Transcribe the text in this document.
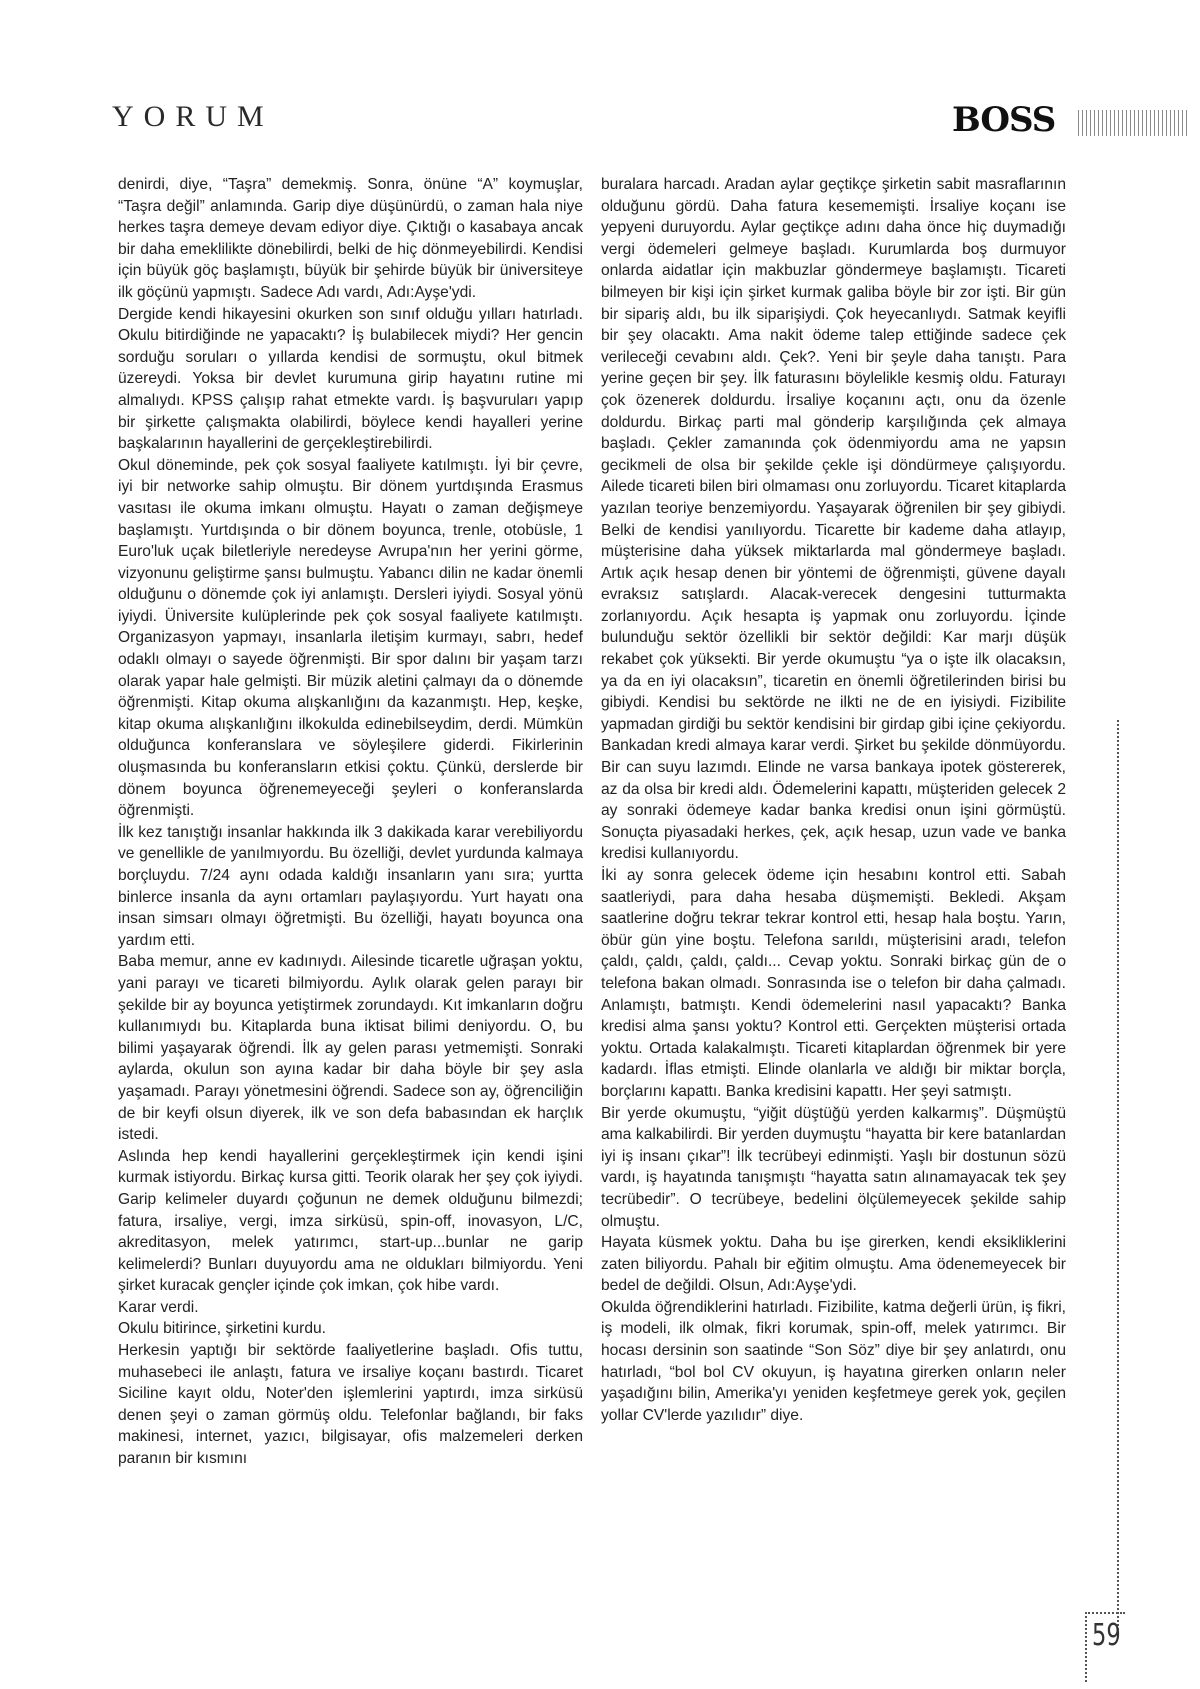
YORUM	BOSS

denirdi, diye, “Taşra” demekmiş. Sonra, önüne “A” koymuşlar, “Taşra değil” anlamında. Garip diye düşünürdü, o zaman hala niye herkes taşra demeye devam ediyor diye. Çıktığı o kasabaya ancak bir daha emeklilikte dönebilirdi, belki de hiç dönmeyebilirdi. Kendisi için büyük göç başlamıştı, büyük bir şehirde büyük bir üniversiteye ilk göçünü yapmıştı. Sadece Adı vardı, Adı:Ayşe'ydi.

Dergide kendi hikayesini okurken son sınıf olduğu yılları hatırladı. Okulu bitirdiğinde ne yapacaktı? İş bulabilecek miydi? Her gencin sorduğu soruları o yıllarda kendisi de sormuştu, okul bitmek üzereydi. Yoksa bir devlet kurumuna girip hayatını rutine mi almalıydı. KPSS çalışıp rahat etmekte vardı. İş başvuruları yapıp bir şirkette çalışmakta olabilirdi, böylece kendi hayalleri yerine başkalarının hayallerini de gerçekleştirebilirdi.

Okul döneminde, pek çok sosyal faaliyete katılmıştı. İyi bir çevre, iyi bir networke sahip olmuştu. Bir dönem yurtdışında Erasmus vasıtası ile okuma imkanı olmuştu. Hayatı o zaman değişmeye başlamıştı. Yurtdışında o bir dönem boyunca, trenle, otobüsle, 1 Euro'luk uçak biletleriyle neredeyse Avrupa'nın her yerini görme, vizyonunu geliştirme şansı bulmuştu. Yabancı dilin ne kadar önemli olduğunu o dönemde çok iyi anlamıştı. Dersleri iyiydi. Sosyal yönü iyiydi. Üniversite kulüplerinde pek çok sosyal faaliyete katılmıştı. Organizasyon yapmayı, insanlarla iletişim kurmayı, sabrı, hedef odaklı olmayı o sayede öğrenmişti. Bir spor dalını bir yaşam tarzı olarak yapar hale gelmişti. Bir müzik aletini çalmayı da o dönemde öğrenmişti. Kitap okuma alışkanlığını da kazanmıştı. Hep, keşke, kitap okuma alışkanlığını ilkokulda edinebilseydim, derdi. Mümkün olduğunca konferanslara ve söyleşilere giderdi. Fikirlerinin oluşmasında bu konferansların etkisi çoktu. Çünkü, derslerde bir dönem boyunca öğrenemeyeceği şeyleri o konferanslarda öğrenmişti.

İlk kez tanıştığı insanlar hakkında ilk 3 dakikada karar verebiliyordu ve genellikle de yanılmıyordu. Bu özelliği, devlet yurdunda kalmaya borçluydu. 7/24 aynı odada kaldığı insanların yanı sıra; yurtta binlerce insanla da aynı ortamları paylaşıyordu. Yurt hayatı ona insan simsarı olmayı öğretmişti. Bu özelliği, hayatı boyunca ona yardım etti.

Baba memur, anne ev kadınıydı. Ailesinde ticaretle uğraşan yoktu, yani parayı ve ticareti bilmiyordu. Aylık olarak gelen parayı bir şekilde bir ay boyunca yetiştirmek zorundaydı. Kıt imkanların doğru kullanımıydı bu. Kitaplarda buna iktisat bilimi deniyordu. O, bu bilimi yaşayarak öğrendi. İlk ay gelen parası yetmemişti. Sonraki aylarda, okulun son ayına kadar bir daha böyle bir şey asla yaşamadı. Parayı yönetmesini öğrendi. Sadece son ay, öğrenciliğin de bir keyfi olsun diyerek, ilk ve son defa babasından ek harçlık istedi.

Aslında hep kendi hayallerini gerçekleştirmek için kendi işini kurmak istiyordu. Birkaç kursa gitti. Teorik olarak her şey çok iyiydi. Garip kelimeler duyardı çoğunun ne demek olduğunu bilmezdi; fatura, irsaliye, vergi, imza sirküsü, spin-off, inovasyon, L/C, akreditasyon, melek yatırımcı, start-up...bunlar ne garip kelimelerdi? Bunları duyuyordu ama ne oldukları bilmiyordu. Yeni şirket kuracak gençler içinde çok imkan, çok hibe vardı.

Karar verdi.

Okulu bitirince, şirketini kurdu.

Herkesin yaptığı bir sektörde faaliyetlerine başladı. Ofis tuttu, muhasebeci ile anlaştı, fatura ve irsaliye koçanı bastırdı. Ticaret Siciline kayıt oldu, Noter'den işlemlerini yaptırdı, imza sirküsü denen şeyi o zaman görmüş oldu. Telefonlar bağlandı, bir faks makinesi, internet, yazıcı, bilgisayar, ofis malzemeleri derken paranın bir kısmını

buralara harcadı. Aradan aylar geçtikçe şirketin sabit masraflarının olduğunu gördü. Daha fatura kesememişti. İrsaliye koçanı ise yepyeni duruyordu. Aylar geçtikçe adını daha önce hiç duymadığı vergi ödemeleri gelmeye başladı. Kurumlarda boş durmuyor onlarda aidatlar için makbuzlar göndermeye başlamıştı. Ticareti bilmeyen bir kişi için şirket kurmak galiba böyle bir zor işti. Bir gün bir sipariş aldı, bu ilk siparişiydi. Çok heyecanlıydı. Satmak keyifli bir şey olacaktı. Ama nakit ödeme talep ettiğinde sadece çek verileceği cevabını aldı. Çek?. Yeni bir şeyle daha tanıştı. Para yerine geçen bir şey. İlk faturasını böylelikle kesmiş oldu. Faturayı çok özenerek doldurdu. İrsaliye koçanını açtı, onu da özenle doldurdu. Birkaç parti mal gönderip karşılığında çek almaya başladı. Çekler zamanında çok ödenmiyordu ama ne yapsın gecikmeli de olsa bir şekilde çekle işi döndürmeye çalışıyordu. Ailede ticareti bilen biri olmaması onu zorluyordu. Ticaret kitaplarda yazılan teoriye benzemiyordu. Yaşayarak öğrenilen bir şey gibiydi. Belki de kendisi yanılıyordu. Ticarette bir kademe daha atlayıp, müşterisine daha yüksek miktarlarda mal göndermeye başladı. Artık açık hesap denen bir yöntemi de öğrenmişti, güvene dayalı evraksız satışlardı. Alacak-verecek dengesini tutturmakta zorlanıyordu. Açık hesapta iş yapmak onu zorluyordu. İçinde bulunduğu sektör özellikli bir sektör değildi: Kar marjı düşük rekabet çok yüksekti. Bir yerde okumuştu “ya o işte ilk olacaksın, ya da en iyi olacaksın”, ticaretin en önemli öğretilerinden birisi bu gibiydi. Kendisi bu sektörde ne ilkti ne de en iyisiydi. Fizibilite yapmadan girdiği bu sektör kendisini bir girdap gibi içine çekiyordu. Bankadan kredi almaya karar verdi. Şirket bu şekilde dönmüyordu. Bir can suyu lazımdı. Elinde ne varsa bankaya ipotek göstererek, az da olsa bir kredi aldı. Ödemelerini kapattı, müşteriden gelecek 2 ay sonraki ödemeye kadar banka kredisi onun işini görmüştü. Sonuçta piyasadaki herkes, çek, açık hesap, uzun vade ve banka kredisi kullanıyordu.

İki ay sonra gelecek ödeme için hesabını kontrol etti. Sabah saatleriydi, para daha hesaba düşmemişti. Bekledi. Akşam saatlerine doğru tekrar tekrar kontrol etti, hesap hala boştu. Yarın, öbür gün yine boştu. Telefona sarıldı, müşterisini aradı, telefon çaldı, çaldı, çaldı, çaldı... Cevap yoktu. Sonraki birkaç gün de o telefona bakan olmadı. Sonrasında ise o telefon bir daha çalmadı. Anlamıştı, batmıştı. Kendi ödemelerini nasıl yapacaktı? Banka kredisi alma şansı yoktu? Kontrol etti. Gerçekten müşterisi ortada yoktu. Ortada kalakalmıştı. Ticareti kitaplardan öğrenmek bir yere kadardı. İflas etmişti. Elinde olanlarla ve aldığı bir miktar borçla, borçlarını kapattı. Banka kredisini kapattı. Her şeyi satmıştı.

Bir yerde okumuştu, “yiğit düştüğü yerden kalkarmış”. Düşmüştü ama kalkabilirdi. Bir yerden duymuştu “hayatta bir kere batanlardan iyi iş insanı çıkar”! İlk tecrübeyi edinmişti. Yaşlı bir dostunun sözü vardı, iş hayatında tanışmıştı “hayatta satın alınamayacak tek şey tecrübedir”. O tecrübeye, bedelini ölçülemeyecek şekilde sahip olmuştu.

Hayata küsmek yoktu. Daha bu işe girerken, kendi eksikliklerini zaten biliyordu. Pahalı bir eğitim olmuştu. Ama ödenemeyecek bir bedel de değildi. Olsun, Adı:Ayşe'ydi.

Okulda öğrendiklerini hatırladı. Fizibilite, katma değerli ürün, iş fikri, iş modeli, ilk olmak, fikri korumak, spin-off, melek yatırımcı. Bir hocası dersinin son saatinde “Son Söz” diye bir şey anlatırdı, onu hatırladı, “bol bol CV okuyun, iş hayatına girerken onların neler yaşadığını bilin, Amerika'yı yeniden keşfetmeye gerek yok, geçilen yollar CV'lerde yazılıdır” diye.

59
